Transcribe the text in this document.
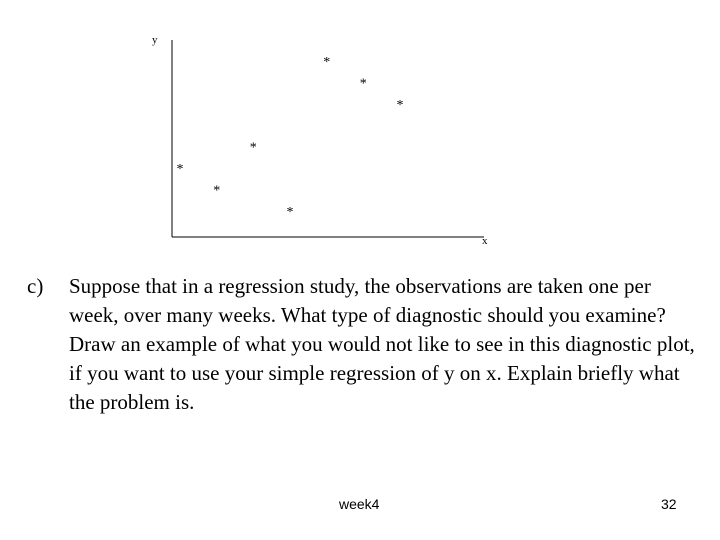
y
x
*
*
*
*
*
*
*
c) Suppose that in a regression study, the observations are taken one per week, over many weeks. What type of diagnostic should you examine? Draw an example of what you would not like to see in this diagnostic plot, if you want to use your simple regression of y on x. Explain briefly what the problem is.
week4	32
